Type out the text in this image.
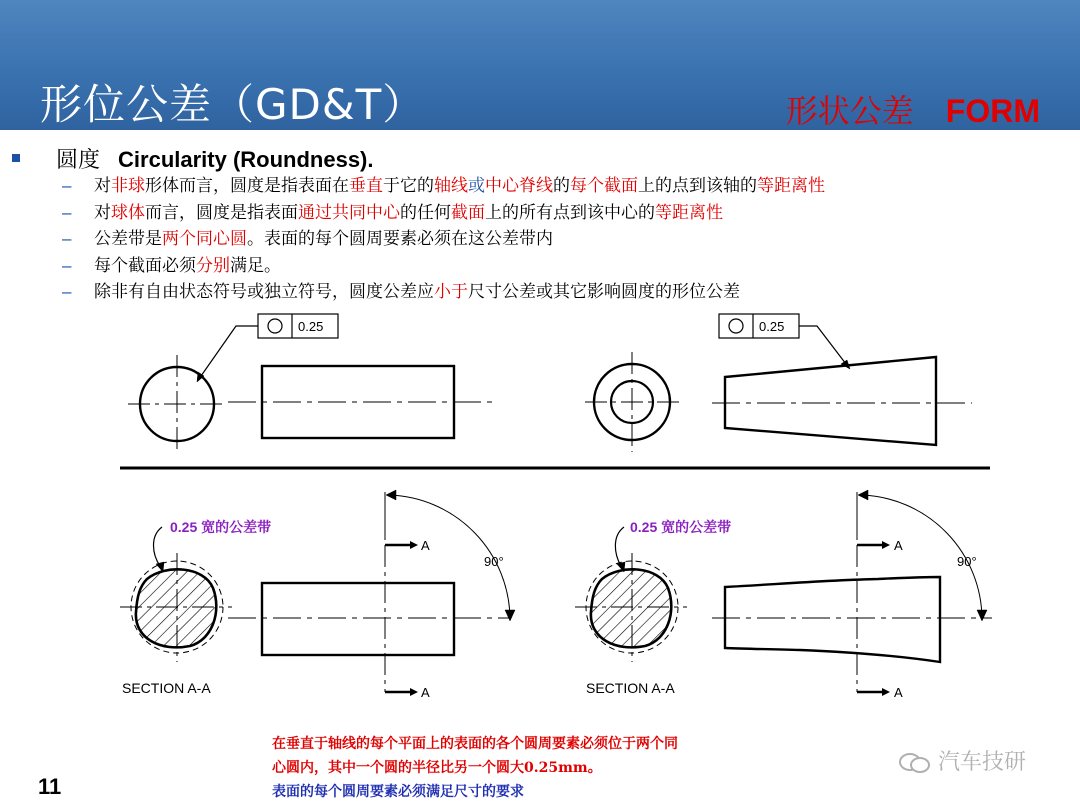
形位公差（GD&T）	形状公差 FORM
圆度 Circularity (Roundness).
– 对非球形体而言，圆度是指表面在垂直于它的轴线或中心脊线的每个截面上的点到该轴的等距离性
– 对球体而言，圆度是指表面通过共同中心的任何截面上的所有点到该中心的等距离性
– 公差带是两个同心圆。表面的每个圆周要素必须在这公差带内
– 每个截面必须分别满足。
– 除非有自由状态符号或独立符号，圆度公差应小于尺寸公差或其它影响圆度的形位公差
0.25	0.25
0.25 宽的公差带	0.25 宽的公差带
SECTION A-A	SECTION A-A
A
A
A
A
90°	90°
在垂直于轴线的每个平面上的表面的各个圆周要素必须位于两个同
心圆内，其中一个圆的半径比另一个圆大0.25mm。
表面的每个圆周要素必须满足尺寸的要求
11
汽车技研
